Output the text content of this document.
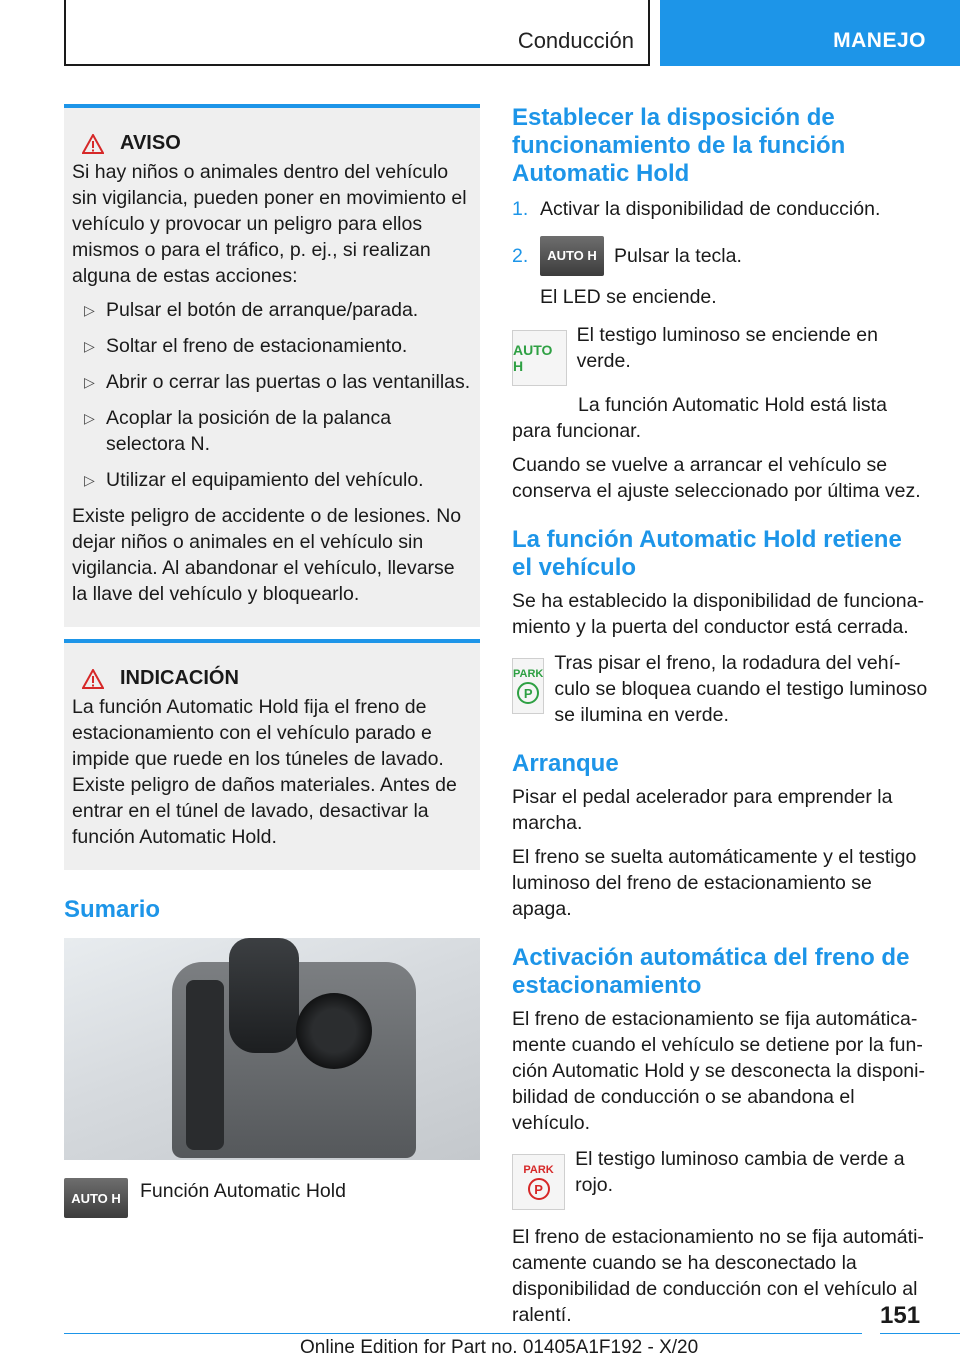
Conducción	MANEJO
AVISO

Si hay niños o animales dentro del vehículo sin vigilancia, pueden poner en movimiento el vehículo y provocar un peligro para ellos mismos o para el tráfico, p. ej., si realizan alguna de estas acciones:

▷ Pulsar el botón de arranque/parada.
▷ Soltar el freno de estacionamiento.
▷ Abrir o cerrar las puertas o las ventanillas.
▷ Acoplar la posición de la palanca selectora N.
▷ Utilizar el equipamiento del vehículo.

Existe peligro de accidente o de lesiones. No dejar niños o animales en el vehículo sin vigilancia. Al abandonar el vehículo, llevarse la llave del vehículo y bloquearlo.

INDICACIÓN

La función Automatic Hold fija el freno de estacionamiento con el vehículo parado e impide que ruede en los túneles de lavado. Existe peligro de daños materiales. Antes de entrar en el túnel de lavado, desactivar la función Automatic Hold.

Sumario
AUTO H Función Automatic Hold
Establecer la disposición de funcionamiento de la función Automatic Hold
1. Activar la disponibilidad de conducción.
2.	AUTO H Pulsar la tecla.

El LED se enciende.

AUTO H
El testigo luminoso se enciende en verde.

La función Automatic Hold está lista para funcionar.

Cuando se vuelve a arrancar el vehículo se conserva el ajuste seleccionado por última vez.

La función Automatic Hold retiene el vehículo

Se ha establecido la disponibilidad de funcionamiento y la puerta del conductor está cerrada.

PARK
P
Tras pisar el freno, la rodadura del vehículo se bloquea cuando el testigo luminoso se ilumina en verde.
Arranque

Pisar el pedal acelerador para emprender la marcha.

El freno se suelta automáticamente y el testigo luminoso del freno de estacionamiento se apaga.

Activación automática del freno de estacionamiento

El freno de estacionamiento se fija automáticamente cuando el vehículo se detiene por la función Automatic Hold y se desconecta la disponibilidad de conducción o se abandona el vehículo.

PARK
P
El testigo luminoso cambia de verde a rojo.

El freno de estacionamiento no se fija automáticamente cuando se ha desconectado la disponibilidad de conducción con el vehículo al ralentí.	151
Online Edition for Part no. 01405A1F192 - X/20
